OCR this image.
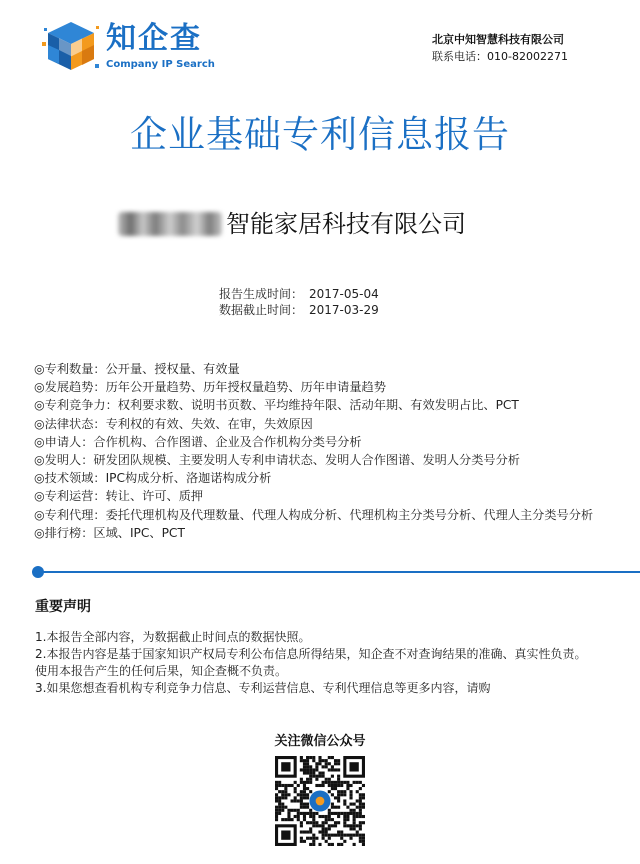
知企查
Company IP Search
北京中知智慧科技有限公司
联系电话：010-82002271
企业基础专利信息报告
智能家居科技有限公司
报告生成时间： 2017-05-04
数据截止时间： 2017-03-29
◎专利数量：公开量、授权量、有效量
◎发展趋势：历年公开量趋势、历年授权量趋势、历年申请量趋势
◎专利竞争力：权利要求数、说明书页数、平均维持年限、活动年期、有效发明占比、PCT
◎法律状态：专利权的有效、失效、在审，失效原因
◎申请人：合作机构、合作图谱、企业及合作机构分类号分析
◎发明人：研发团队规模、主要发明人专利申请状态、发明人合作图谱、发明人分类号分析
◎技术领域：IPC构成分析、洛迦诺构成分析
◎专利运营：转让、许可、质押
◎专利代理：委托代理机构及代理数量、代理人构成分析、代理机构主分类号分析、代理人主分类号分析
◎排行榜：区域、IPC、PCT
重要声明
1.本报告全部内容，为数据截止时间点的数据快照。
2.本报告内容是基于国家知识产权局专利公布信息所得结果，知企查不对查询结果的准确、真实性负责。
使用本报告产生的任何后果，知企查概不负责。
3.如果您想查看机构专利竞争力信息、专利运营信息、专利代理信息等更多内容，请购
关注微信公众号
